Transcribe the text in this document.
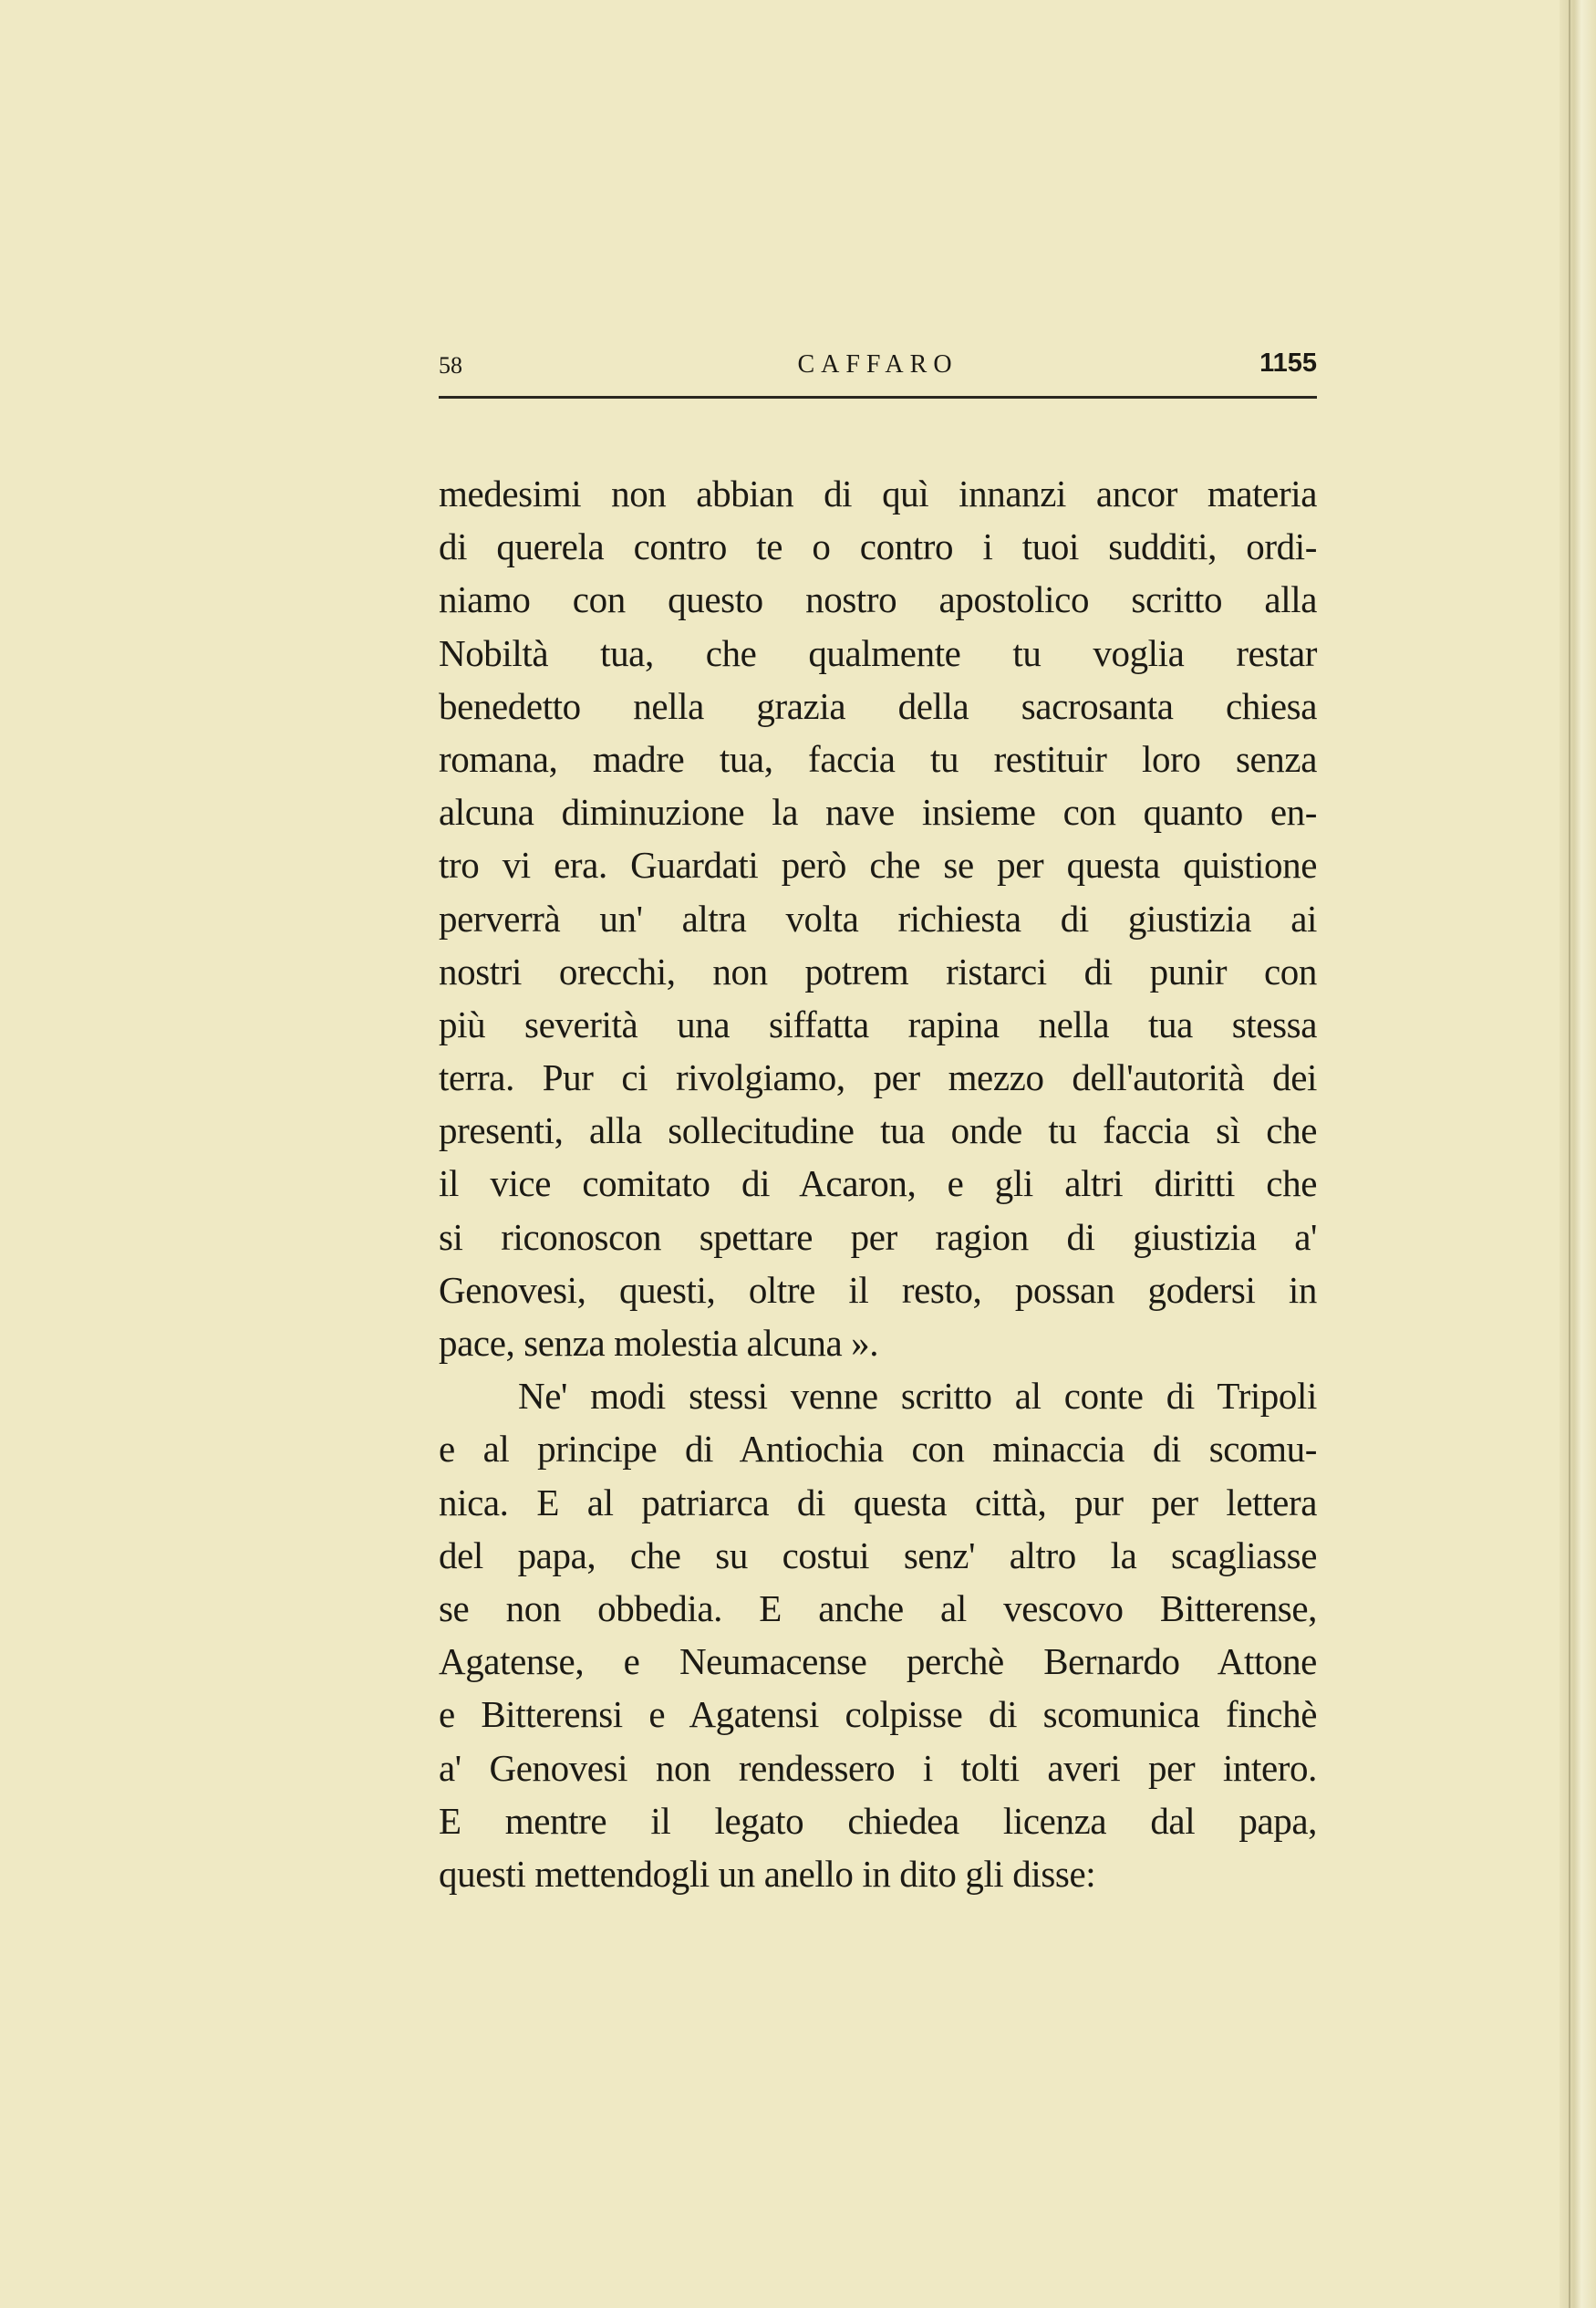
58	CAFFARO	1155
medesimi non abbian di quì innanzi ancor materia
di querela contro te o contro i tuoi sudditi, ordi-
niamo con questo nostro apostolico scritto alla
Nobiltà tua, che qualmente tu voglia restar
benedetto nella grazia della sacrosanta chiesa
romana, madre tua, faccia tu restituir loro senza
alcuna diminuzione la nave insieme con quanto en-
tro vi era. Guardati però che se per questa quistione
perverrà un' altra volta richiesta di giustizia ai
nostri orecchi, non potrem ristarci di punir con
più severità una siffatta rapina nella tua stessa
terra. Pur ci rivolgiamo, per mezzo dell'autorità dei
presenti, alla sollecitudine tua onde tu faccia sì che
il vice comitato di Acaron, e gli altri diritti che
si riconoscon spettare per ragion di giustizia a'
Genovesi, questi, oltre il resto, possan godersi in
pace, senza molestia alcuna ».
Ne' modi stessi venne scritto al conte di Tripoli
e al principe di Antiochia con minaccia di scomu-
nica. E al patriarca di questa città, pur per lettera
del papa, che su costui senz' altro la scagliasse
se non obbedia. E anche al vescovo Bitterense,
Agatense, e Neumacense perchè Bernardo Attone
e Bitterensi e Agatensi colpisse di scomunica finchè
a' Genovesi non rendessero i tolti averi per intero.
E mentre il legato chiedea licenza dal papa,
questi mettendogli un anello in dito gli disse:
